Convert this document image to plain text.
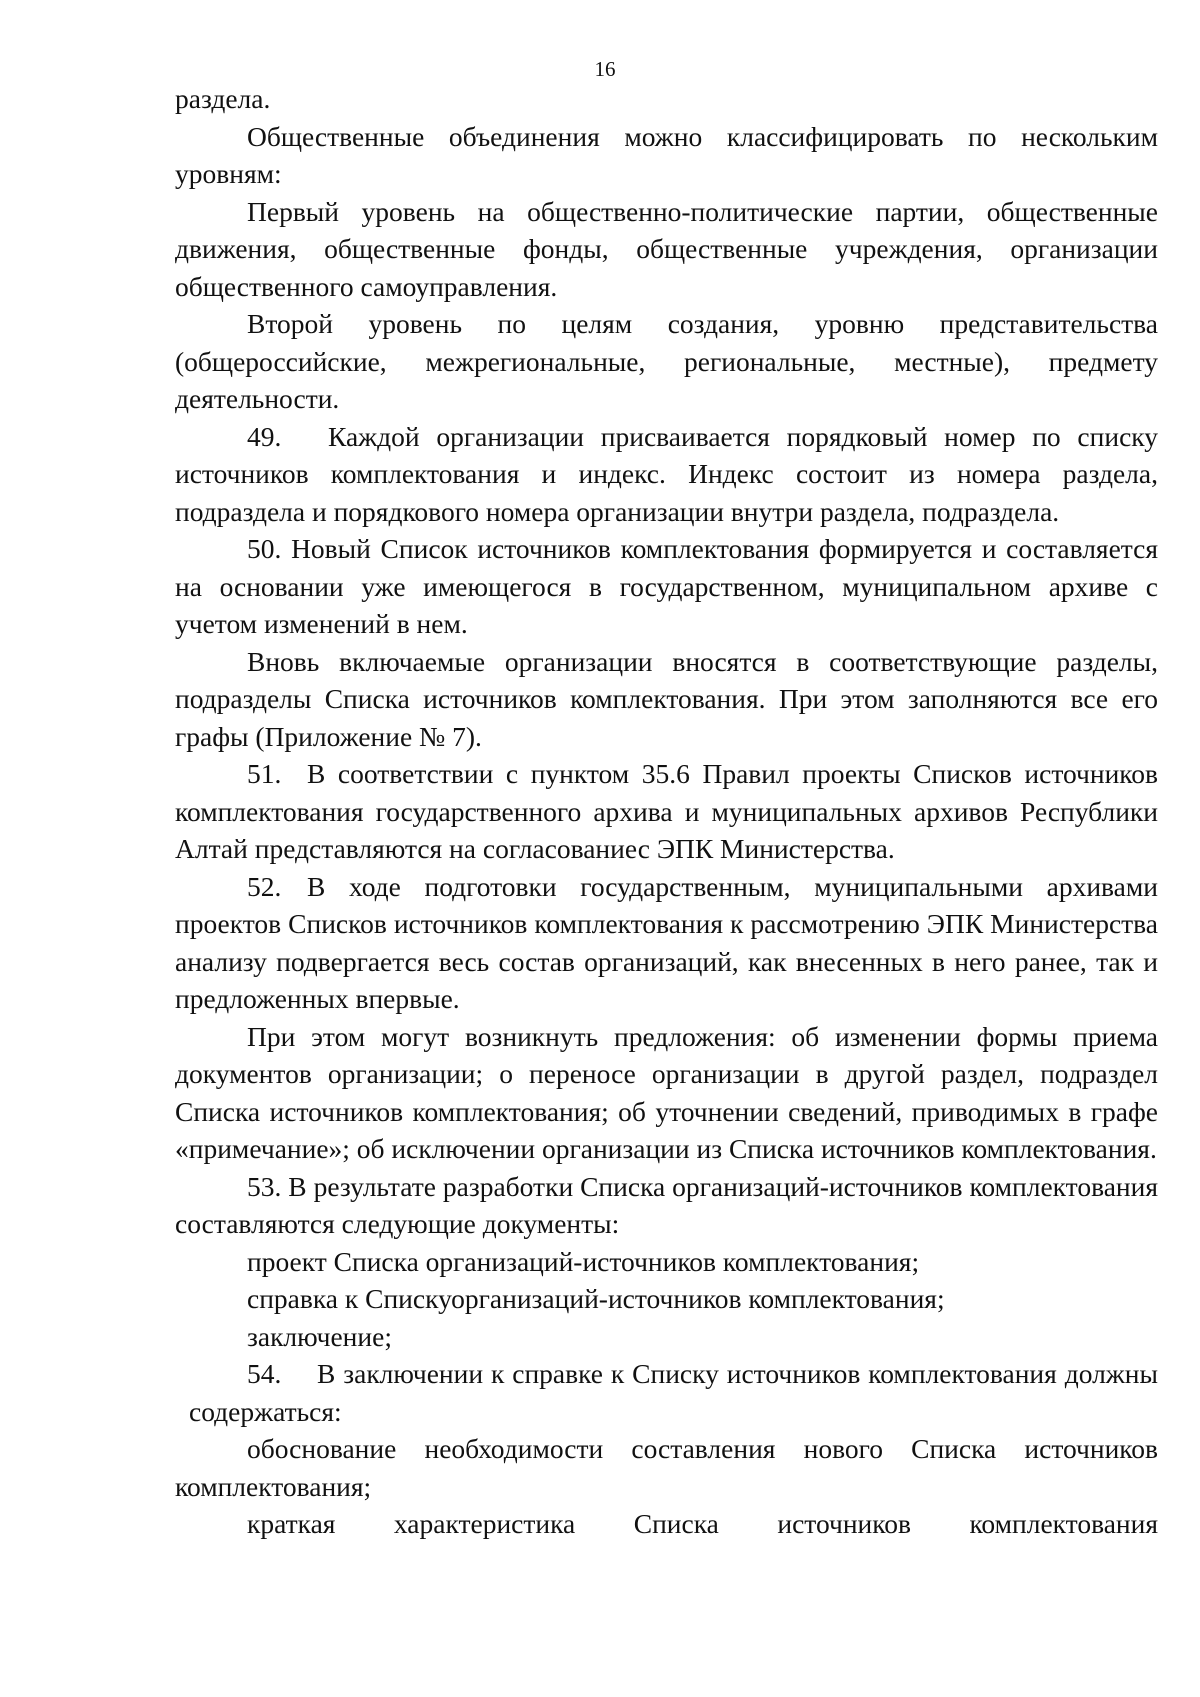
16

раздела.

Общественные объединения можно классифицировать по нескольким уровням:

Первый уровень на общественно-политические партии, общественные движения, общественные фонды, общественные учреждения, организации общественного самоуправления.

Второй уровень по целям создания, уровню представительства (общероссийские, межрегиональные, региональные, местные), предмету деятельности.

49. Каждой организации присваивается порядковый номер по списку источников комплектования и индекс. Индекс состоит из номера раздела, подраздела и порядкового номера организации внутри раздела, подраздела.

50. Новый Список источников комплектования формируется и составляется на основании уже имеющегося в государственном, муниципальном архиве с учетом изменений в нем.

Вновь включаемые организации вносятся в соответствующие разделы, подразделы Списка источников комплектования. При этом заполняются все его графы (Приложение № 7).

51. В соответствии с пунктом 35.6 Правил проекты Списков источников комплектования государственного архива и муниципальных архивов Республики Алтай представляются на согласованиес ЭПК Министерства.

52. В ходе подготовки государственным, муниципальными архивами проектов Списков источников комплектования к рассмотрению ЭПК Министерства анализу подвергается весь состав организаций, как внесенных в него ранее, так и предложенных впервые.

При этом могут возникнуть предложения: об изменении формы приема документов организации; о переносе организации в другой раздел, подраздел Списка источников комплектования; об уточнении сведений, приводимых в графе «примечание»; об исключении организации из Списка источников комплектования.

53. В результате разработки Списка организаций-источников комплектования составляются следующие документы:

проект Списка организаций-источников комплектования;

справка к Спискуорганизаций-источников комплектования;

заключение;

54. В заключении к справке к Списку источников комплектования должны содержаться:

обоснование необходимости составления нового Списка источников комплектования;

краткая характеристика Списка источников комплектования
